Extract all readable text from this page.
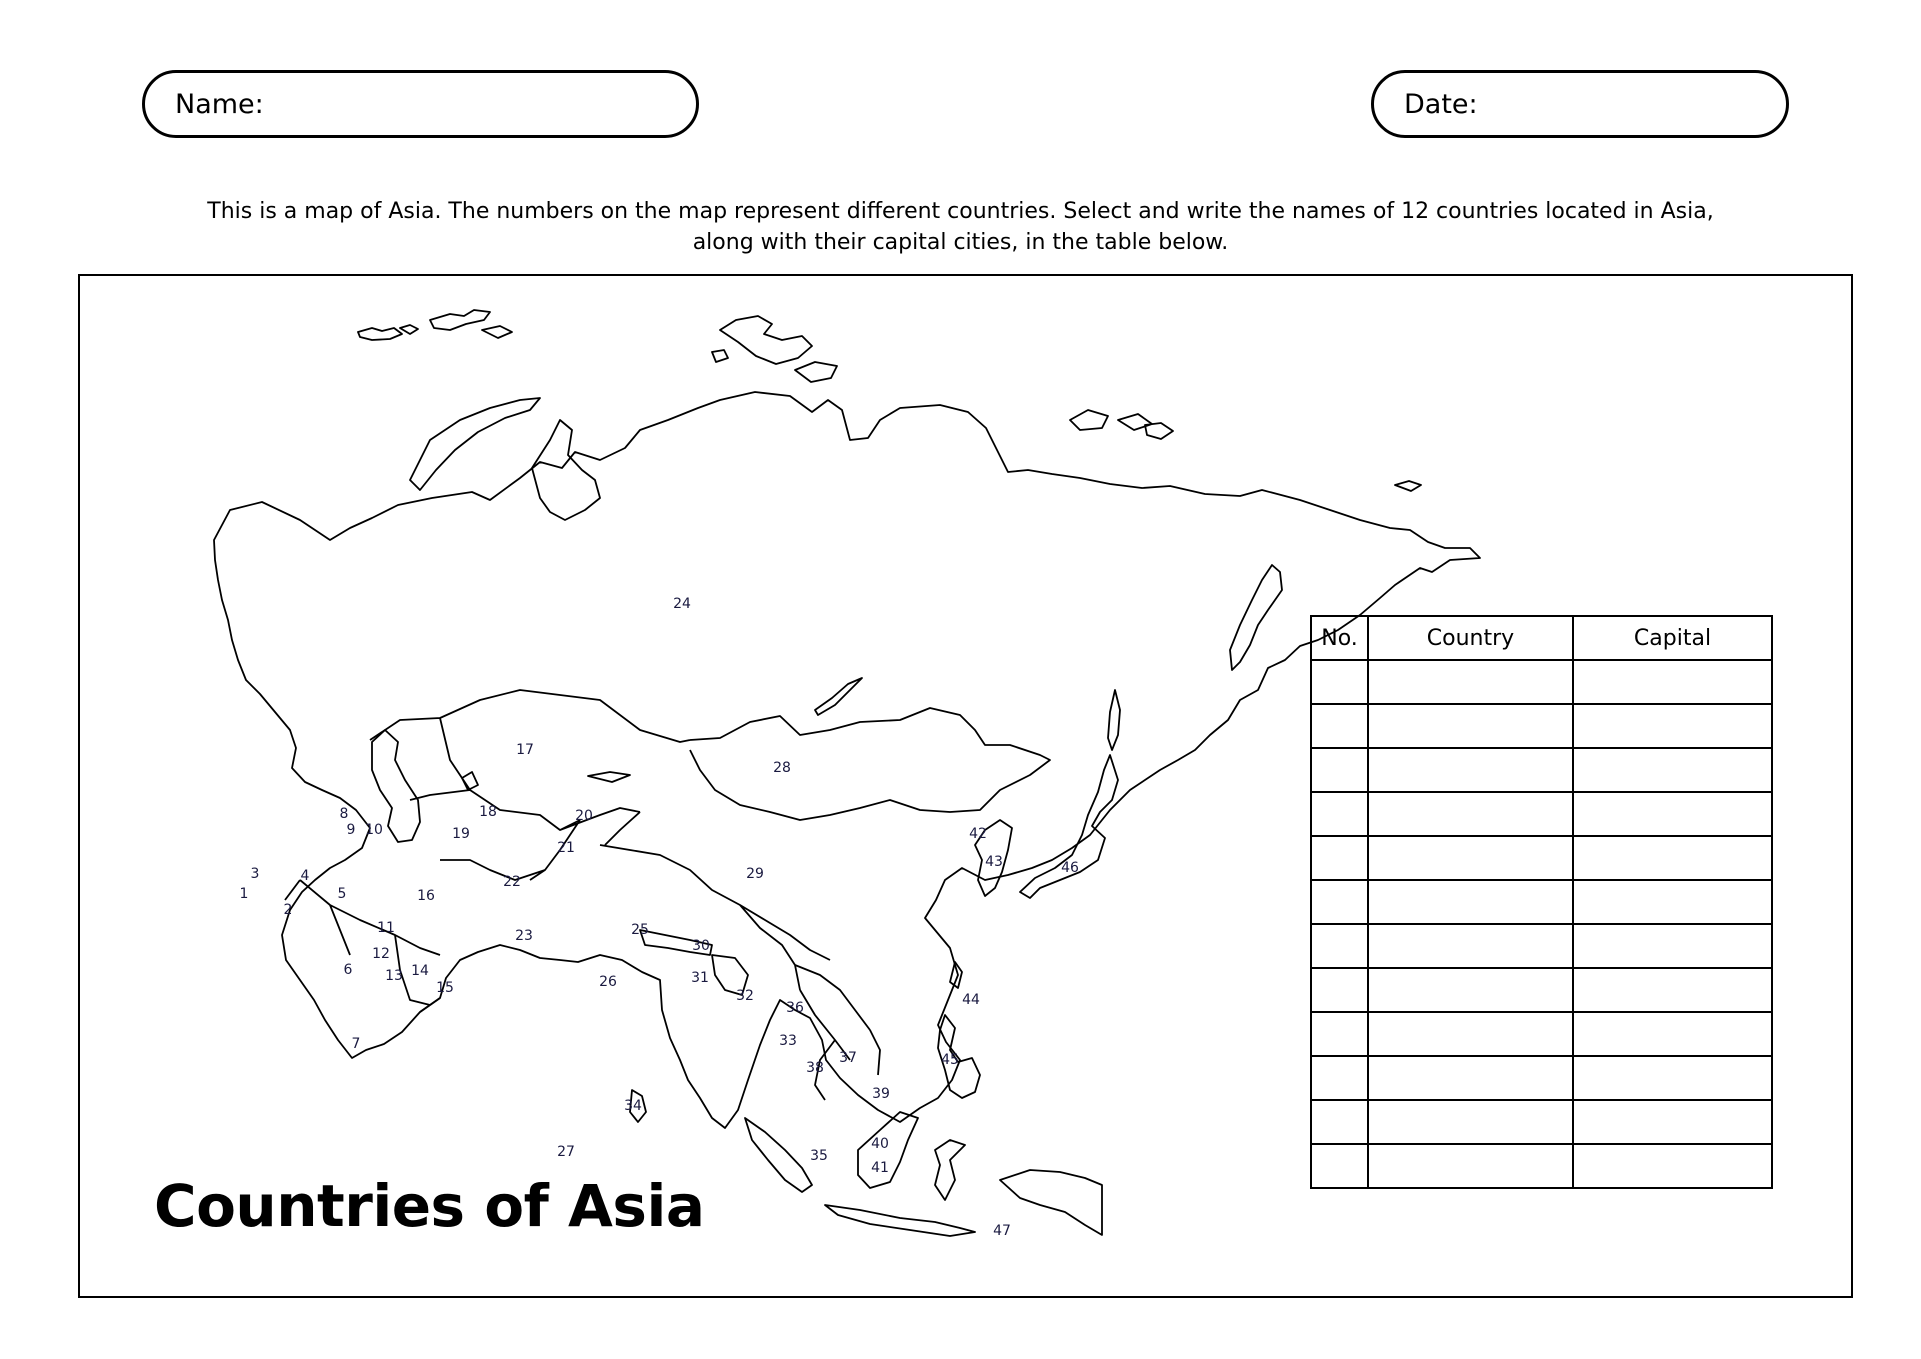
Name:	Date:
This is a map of Asia. The numbers on the map represent different countries. Select and write the names of 12 countries located in Asia,
along with their capital cities, in the table below.
1
2
3	4
5
6
7
8
9 10
11
12
13 14
15
16
17
18
19
20
21
22
23
24
25
26
27
28
29
30
31
32
33
34
35
36
37
38
39
40
41
42
43
44
45
46
47
Countries of Asia
No.	Country	Capital
